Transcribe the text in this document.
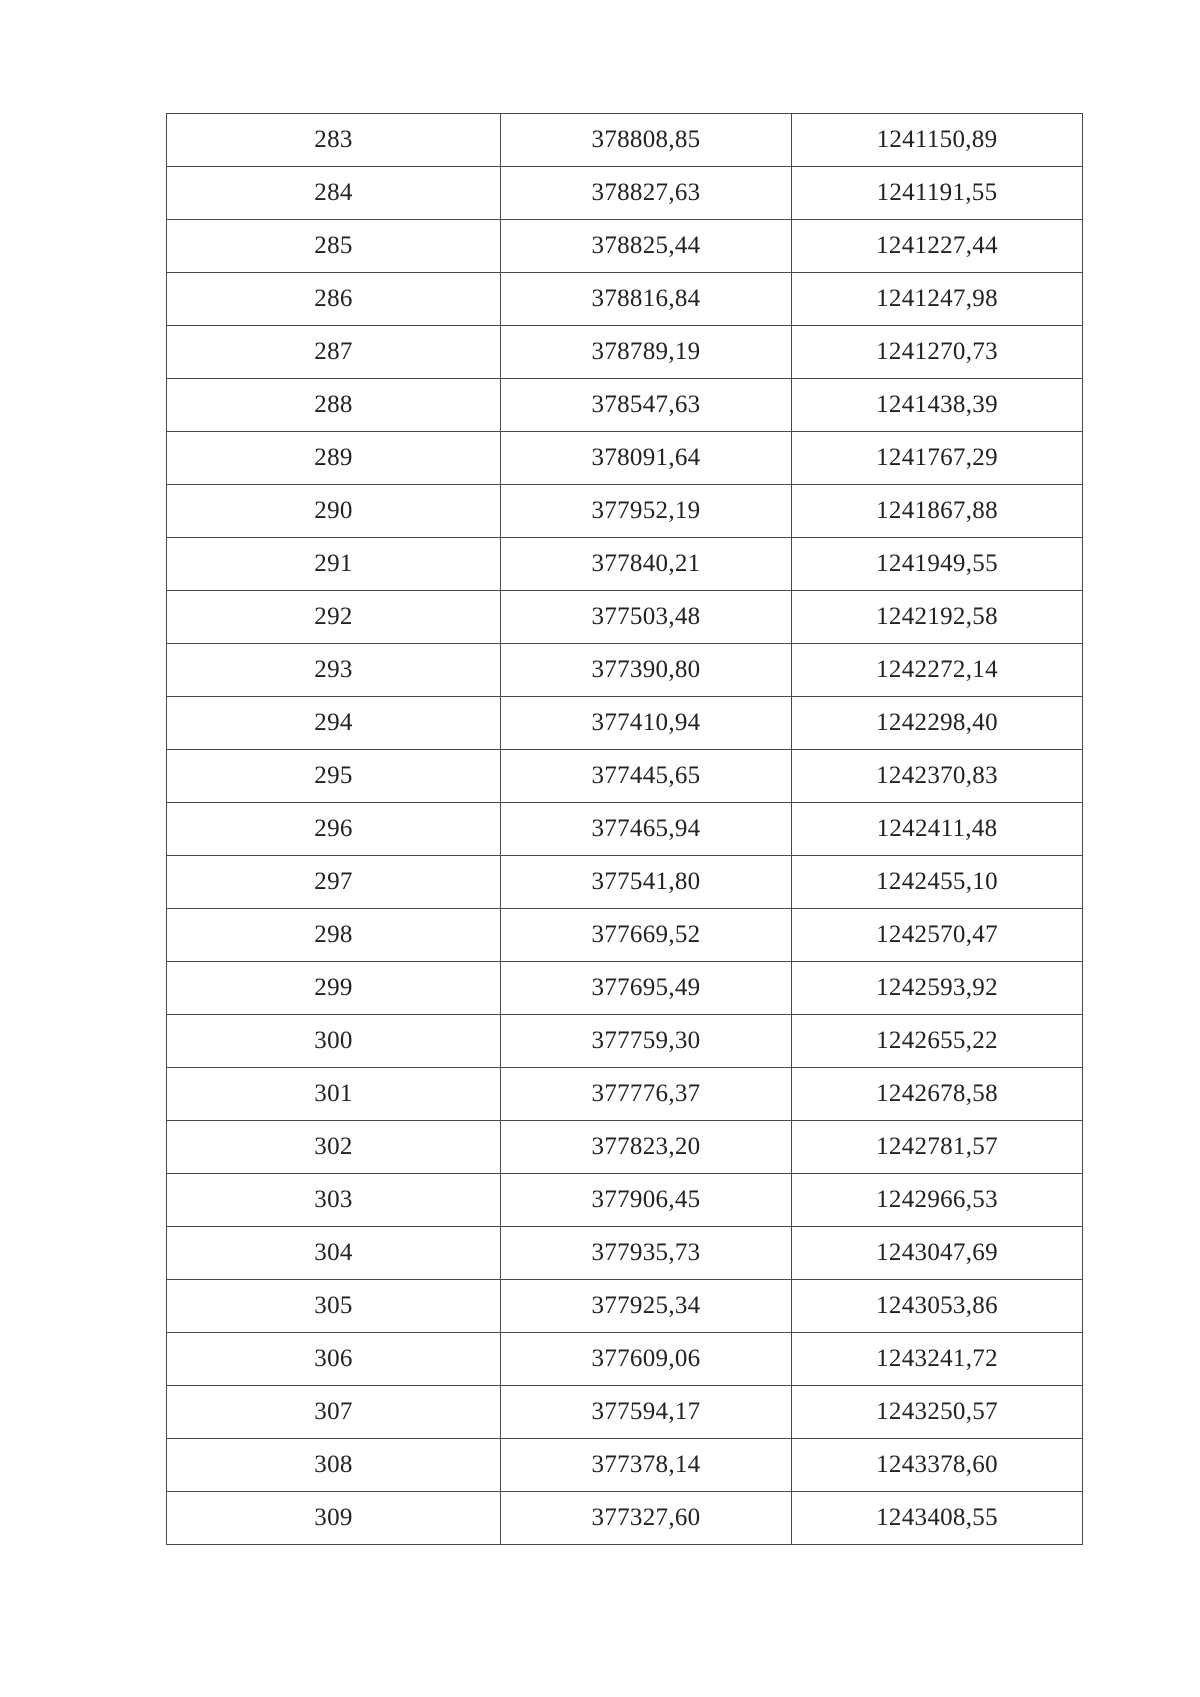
283	378808,85	1241150,89
284	378827,63	1241191,55
285	378825,44	1241227,44
286	378816,84	1241247,98
287	378789,19	1241270,73
288	378547,63	1241438,39
289	378091,64	1241767,29
290	377952,19	1241867,88
291	377840,21	1241949,55
292	377503,48	1242192,58
293	377390,80	1242272,14
294	377410,94	1242298,40
295	377445,65	1242370,83
296	377465,94	1242411,48
297	377541,80	1242455,10
298	377669,52	1242570,47
299	377695,49	1242593,92
300	377759,30	1242655,22
301	377776,37	1242678,58
302	377823,20	1242781,57
303	377906,45	1242966,53
304	377935,73	1243047,69
305	377925,34	1243053,86
306	377609,06	1243241,72
307	377594,17	1243250,57
308	377378,14	1243378,60
309	377327,60	1243408,55
